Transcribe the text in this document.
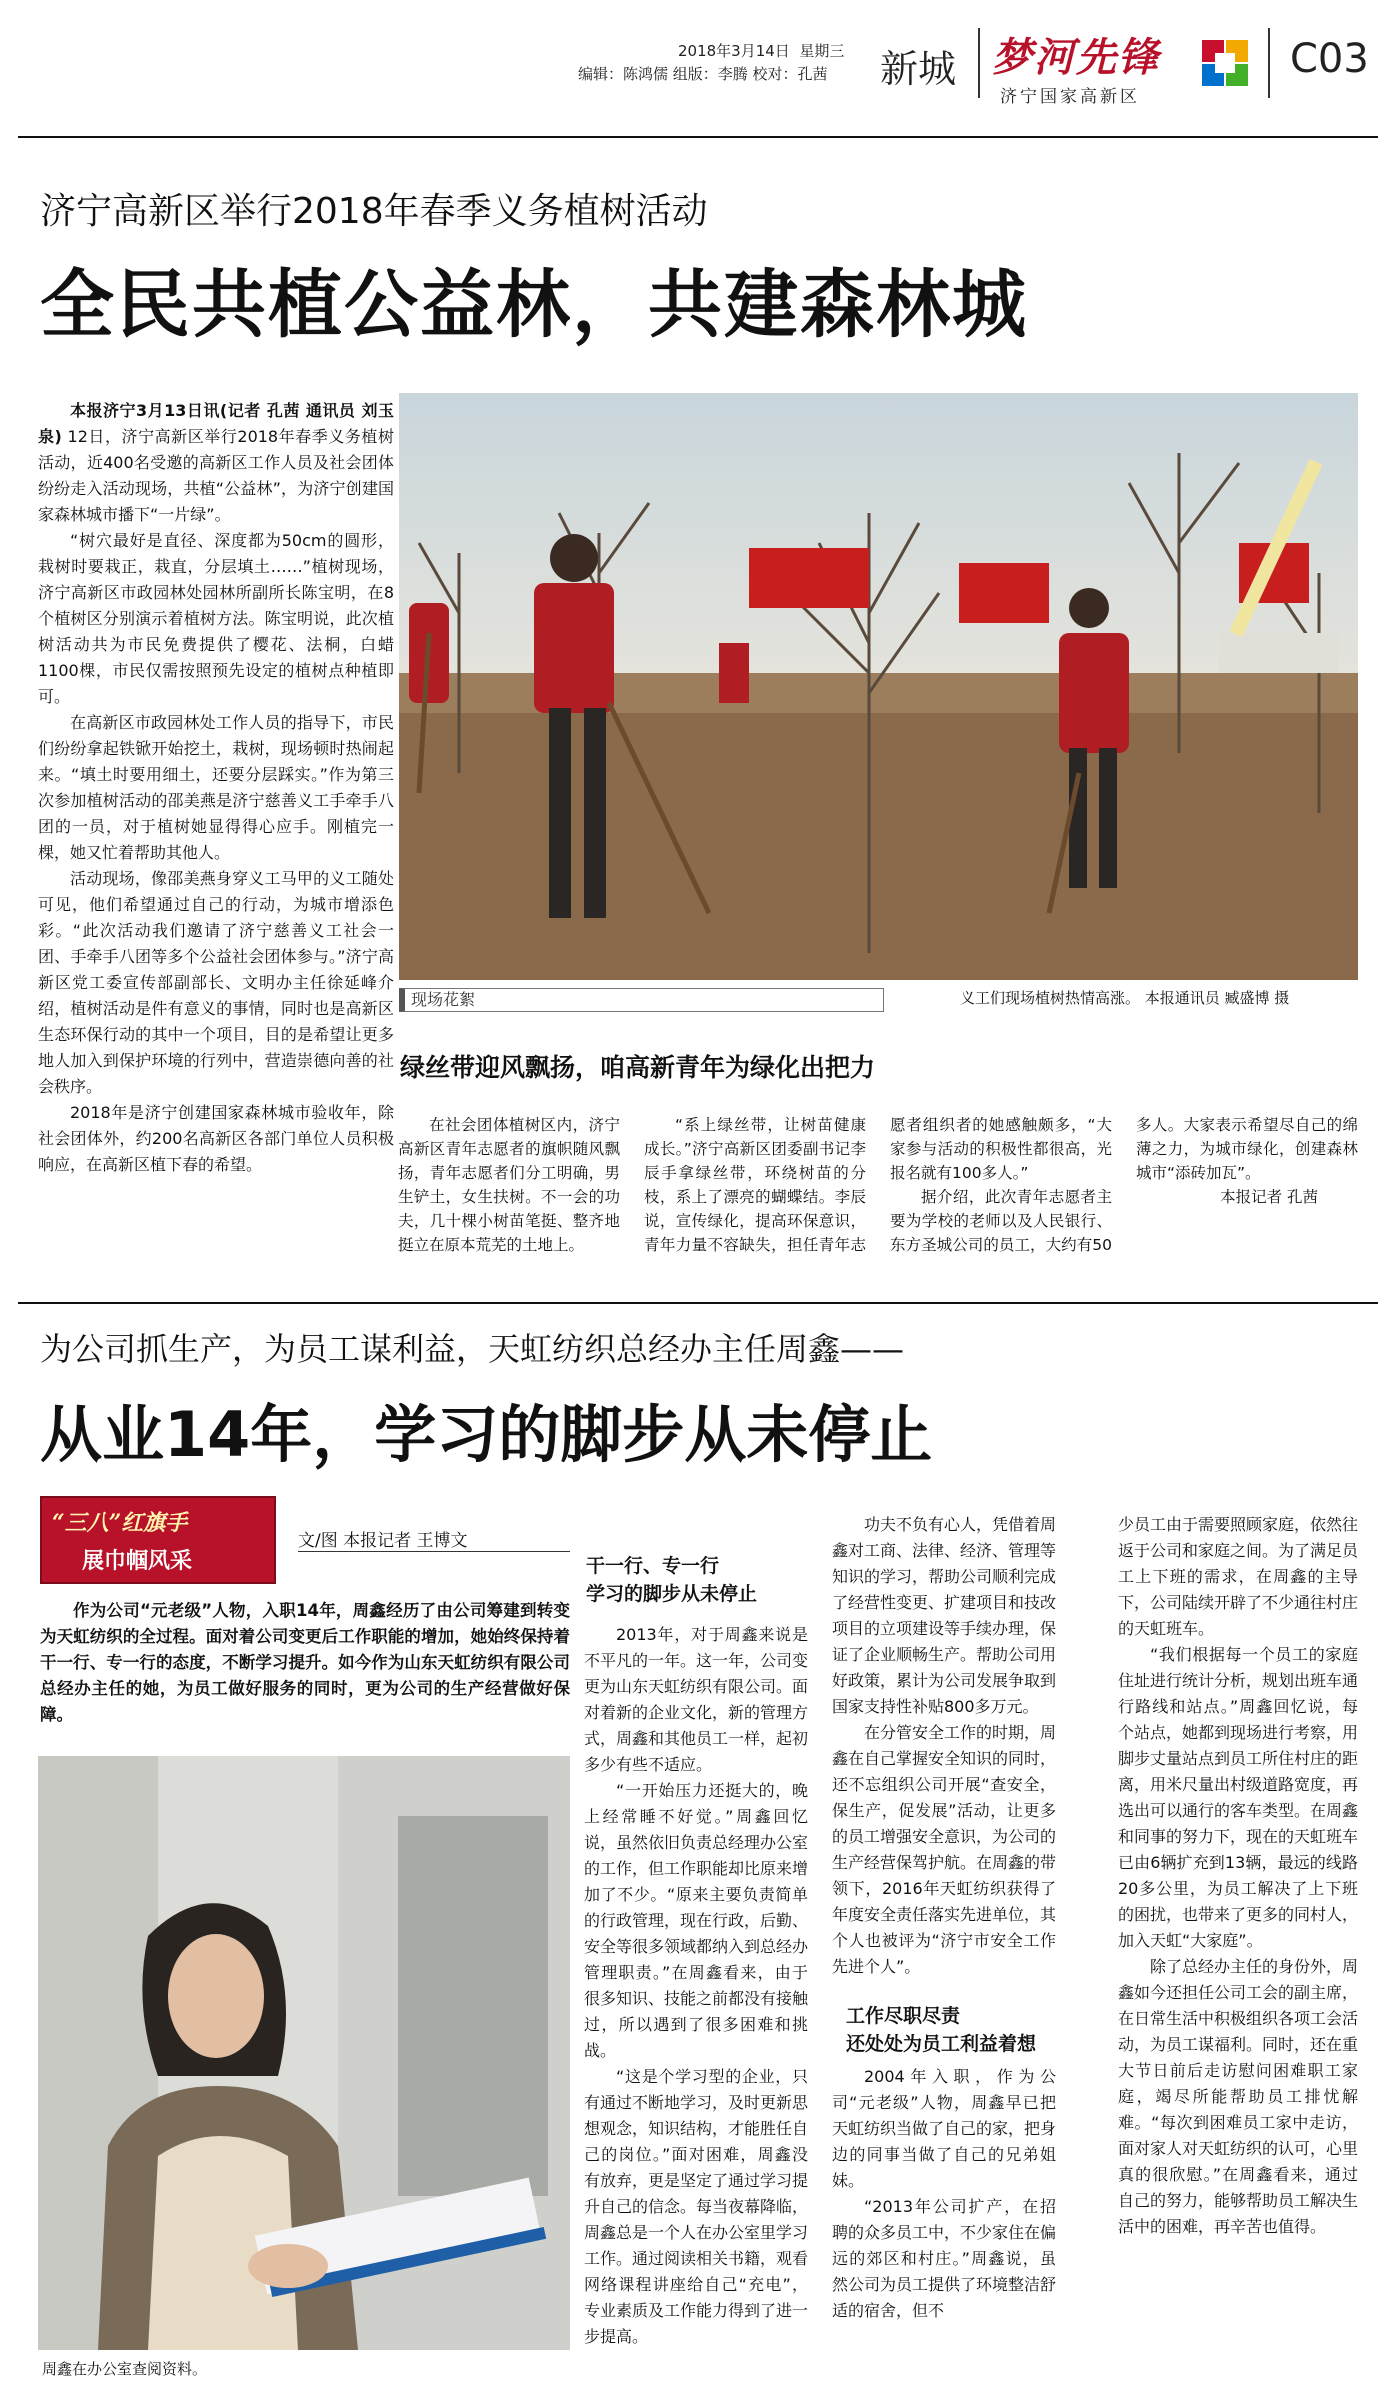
2018年3月14日 星期三
编辑：陈鸿儒 组版：李腾 校对：孔茜 新城 梦河先锋
济宁国家高新区
C03
济宁高新区举行2018年春季义务植树活动
全民共植公益林，共建森林城

本报济宁3月13日讯(记者 孔茜 通讯员 刘玉泉) 12日，济宁高新区举行2018年春季义务植树活动，近400名受邀的高新区工作人员及社会团体纷纷走入活动现场，共植“公益林”，为济宁创建国家森林城市播下“一片绿”。

“树穴最好是直径、深度都为50cm的圆形，栽树时要栽正，栽直，分层填土……”植树现场，济宁高新区市政园林处园林所副所长陈宝明，在8个植树区分别演示着植树方法。陈宝明说，此次植树活动共为市民免费提供了樱花、法桐，白蜡1100棵，市民仅需按照预先设定的植树点种植即可。

在高新区市政园林处工作人员的指导下，市民们纷纷拿起铁锨开始挖土，栽树，现场顿时热闹起来。“填土时要用细土，还要分层踩实。”作为第三次参加植树活动的邵美燕是济宁慈善义工手牵手八团的一员，对于植树她显得得心应手。刚植完一棵，她又忙着帮助其他人。

活动现场，像邵美燕身穿义工马甲的义工随处可见，他们希望通过自己的行动，为城市增添色彩。“此次活动我们邀请了济宁慈善义工社会一团、手牵手八团等多个公益社会团体参与。”济宁高新区党工委宣传部副部长、文明办主任徐延峰介绍，植树活动是件有意义的事情，同时也是高新区生态环保行动的其中一个项目，目的是希望让更多地人加入到保护环境的行列中，营造崇德向善的社会秩序。

2018年是济宁创建国家森林城市验收年，除社会团体外，约200名高新区各部门单位人员积极响应，在高新区植下春的希望。

现场花絮	义工们现场植树热情高涨。 本报通讯员 臧盛博 摄
绿丝带迎风飘扬，咱高新青年为绿化出把力

在社会团体植树区内，济宁高新区青年志愿者的旗帜随风飘扬，青年志愿者们分工明确，男生铲土，女生扶树。不一会的功夫，几十棵小树苗笔挺、整齐地挺立在原本荒芜的土地上。

“系上绿丝带，让树苗健康成长。”济宁高新区团委副书记李辰手拿绿丝带，环绕树苗的分枝，系上了漂亮的蝴蝶结。李辰说，宣传绿化，提高环保意识，青年力量不容缺失，担任青年志愿者组织者的她感触颇多，“大家参与活动的积极性都很高，光报名就有100多人。”

据介绍，此次青年志愿者主要为学校的老师以及人民银行、东方圣城公司的员工，大约有50多人。大家表示希望尽自己的绵薄之力，为城市绿化，创建森林城市“添砖加瓦”。

本报记者 孔茜

为公司抓生产，为员工谋利益，天虹纺织总经办主任周鑫——
从业14年，学习的脚步从未停止
“三八”红旗手
展巾帼风采
文/图 本报记者 王博文

作为公司“元老级”人物，入职14年，周鑫经历了由公司筹建到转变为天虹纺织的全过程。面对着公司变更后工作职能的增加，她始终保持着干一行、专一行的态度，不断学习提升。如今作为山东天虹纺织有限公司总经办主任的她，为员工做好服务的同时，更为公司的生产经营做好保障。

周鑫在办公室查阅资料。
干一行、专一行
学习的脚步从未停止

2013年，对于周鑫来说是不平凡的一年。这一年，公司变更为山东天虹纺织有限公司。面对着新的企业文化，新的管理方式，周鑫和其他员工一样，起初多少有些不适应。

“一开始压力还挺大的，晚上经常睡不好觉。”周鑫回忆说，虽然依旧负责总经理办公室的工作，但工作职能却比原来增加了不少。“原来主要负责简单的行政管理，现在行政，后勤、安全等很多领域都纳入到总经办管理职责。”在周鑫看来，由于很多知识、技能之前都没有接触过，所以遇到了很多困难和挑战。

“这是个学习型的企业，只有通过不断地学习，及时更新思想观念，知识结构，才能胜任自己的岗位。”面对困难，周鑫没有放弃，更是坚定了通过学习提升自己的信念。每当夜幕降临，周鑫总是一个人在办公室里学习工作。通过阅读相关书籍，观看网络课程讲座给自己“充电”，专业素质及工作能力得到了进一步提高。

功夫不负有心人，凭借着周鑫对工商、法律、经济、管理等知识的学习，帮助公司顺利完成了经营性变更、扩建项目和技改项目的立项建设等手续办理，保证了企业顺畅生产。帮助公司用好政策，累计为公司发展争取到国家支持性补贴800多万元。

在分管安全工作的时期，周鑫在自己掌握安全知识的同时，还不忘组织公司开展“查安全，保生产，促发展”活动，让更多的员工增强安全意识，为公司的生产经营保驾护航。在周鑫的带领下，2016年天虹纺织获得了年度安全责任落实先进单位，其个人也被评为“济宁市安全工作先进个人”。

工作尽职尽责
还处处为员工利益着想

2004年入职，作为公司“元老级”人物，周鑫早已把天虹纺织当做了自己的家，把身边的同事当做了自己的兄弟姐妹。

“2013年公司扩产，在招聘的众多员工中，不少家住在偏远的郊区和村庄。”周鑫说，虽然公司为员工提供了环境整洁舒适的宿舍，但不

少员工由于需要照顾家庭，依然往返于公司和家庭之间。为了满足员工上下班的需求，在周鑫的主导下，公司陆续开辟了不少通往村庄的天虹班车。

“我们根据每一个员工的家庭住址进行统计分析，规划出班车通行路线和站点。”周鑫回忆说，每个站点，她都到现场进行考察，用脚步丈量站点到员工所住村庄的距离，用米尺量出村级道路宽度，再选出可以通行的客车类型。在周鑫和同事的努力下，现在的天虹班车已由6辆扩充到13辆，最远的线路20多公里，为员工解决了上下班的困扰，也带来了更多的同村人，加入天虹“大家庭”。

除了总经办主任的身份外，周鑫如今还担任公司工会的副主席，在日常生活中积极组织各项工会活动，为员工谋福利。同时，还在重大节日前后走访慰问困难职工家庭，竭尽所能帮助员工排忧解难。“每次到困难员工家中走访，面对家人对天虹纺织的认可，心里真的很欣慰。”在周鑫看来，通过自己的努力，能够帮助员工解决生活中的困难，再辛苦也值得。
